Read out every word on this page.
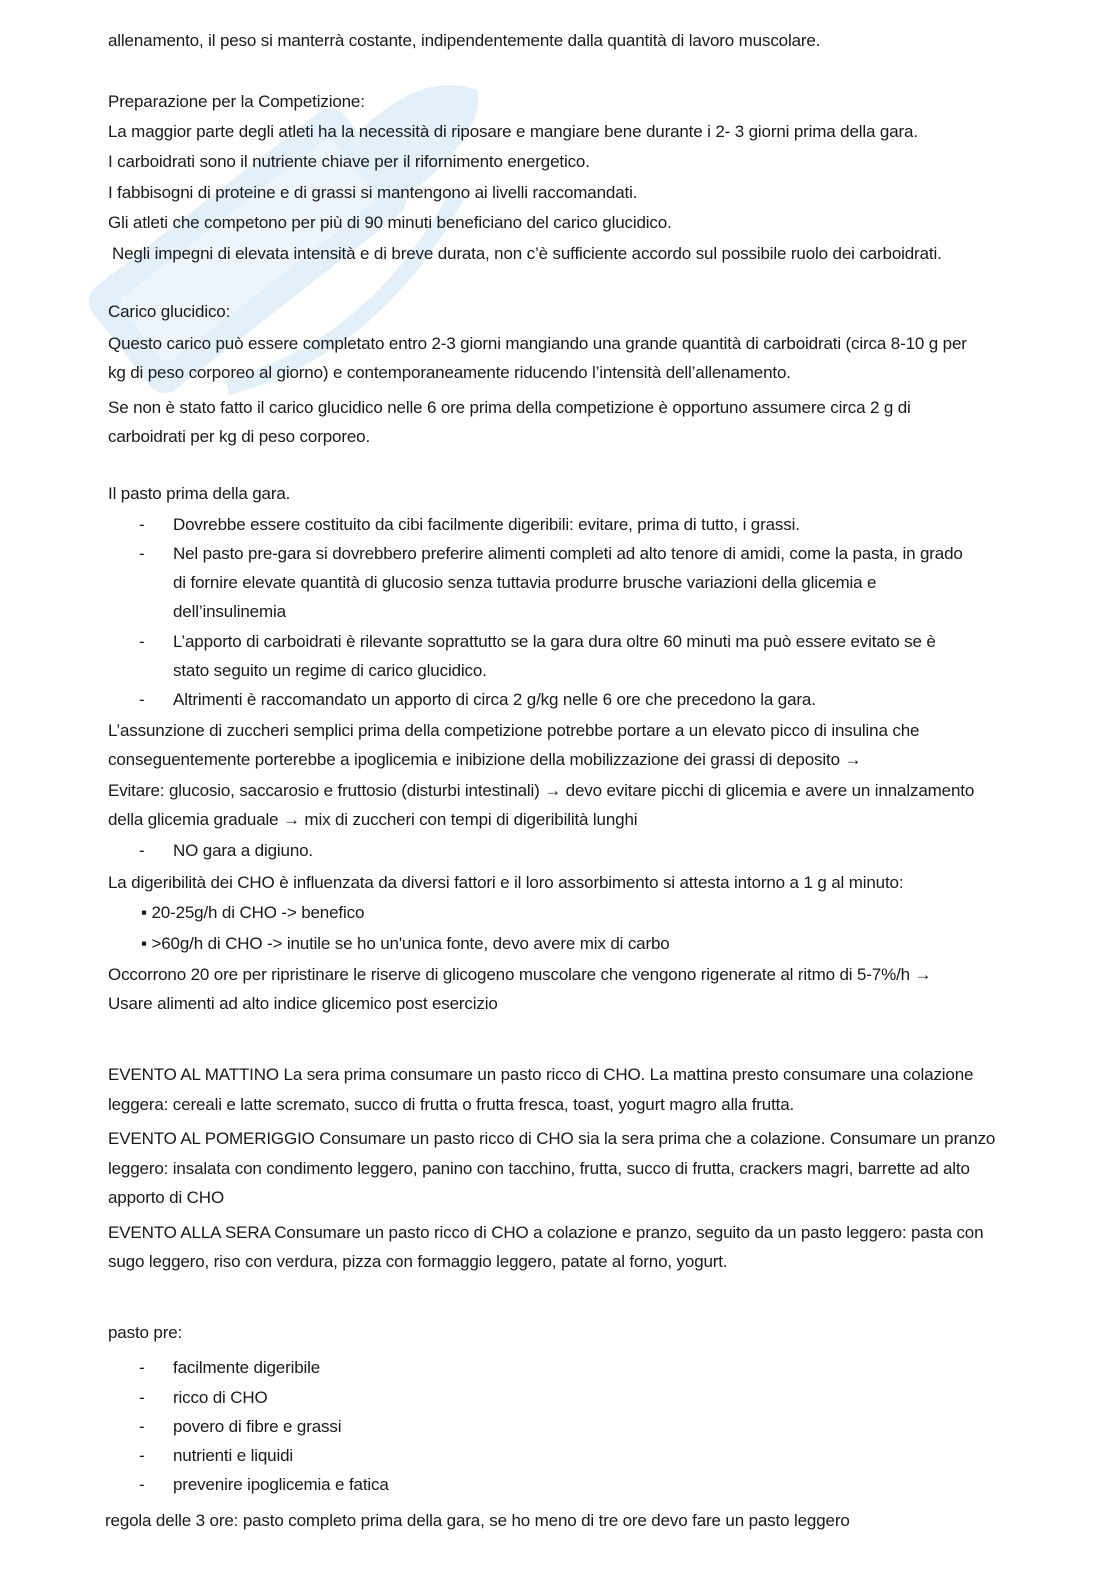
allenamento, il peso si manterrà costante, indipendentemente dalla quantità di lavoro muscolare.
Preparazione per la Competizione:
La maggior parte degli atleti ha la necessità di riposare e mangiare bene durante i 2- 3 giorni prima della gara.
I carboidrati sono il nutriente chiave per il rifornimento energetico.
I fabbisogni di proteine e di grassi si mantengono ai livelli raccomandati.
Gli atleti che competono per più di 90 minuti beneficiano del carico glucidico.
Negli impegni di elevata intensità e di breve durata, non c’è sufficiente accordo sul possibile ruolo dei carboidrati.
Carico glucidico:
Questo carico può essere completato entro 2-3 giorni mangiando una grande quantità di carboidrati (circa 8-10 g per
kg di peso corporeo al giorno) e contemporaneamente riducendo l’intensità dell’allenamento.
Se non è stato fatto il carico glucidico nelle 6 ore prima della competizione è opportuno assumere circa 2 g di
carboidrati per kg di peso corporeo.
Il pasto prima della gara.
- Dovrebbe essere costituito da cibi facilmente digeribili: evitare, prima di tutto, i grassi.
- Nel pasto pre-gara si dovrebbero preferire alimenti completi ad alto tenore di amidi, come la pasta, in grado
di fornire elevate quantità di glucosio senza tuttavia produrre brusche variazioni della glicemia e
dell’insulinemia
- L’apporto di carboidrati è rilevante soprattutto se la gara dura oltre 60 minuti ma può essere evitato se è
stato seguito un regime di carico glucidico.
- Altrimenti è raccomandato un apporto di circa 2 g/kg nelle 6 ore che precedono la gara.
L’assunzione di zuccheri semplici prima della competizione potrebbe portare a un elevato picco di insulina che
conseguentemente porterebbe a ipoglicemia e inibizione della mobilizzazione dei grassi di deposito →
Evitare: glucosio, saccarosio e fruttosio (disturbi intestinali) → devo evitare picchi di glicemia e avere un innalzamento
della glicemia graduale → mix di zuccheri con tempi di digeribilità lunghi
- NO gara a digiuno.
La digeribilità dei CHO è influenzata da diversi fattori e il loro assorbimento si attesta intorno a 1 g al minuto:
▪ 20-25g/h di CHO -> benefico
▪ >60g/h di CHO -> inutile se ho un'unica fonte, devo avere mix di carbo
Occorrono 20 ore per ripristinare le riserve di glicogeno muscolare che vengono rigenerate al ritmo di 5-7%/h →
Usare alimenti ad alto indice glicemico post esercizio
EVENTO AL MATTINO La sera prima consumare un pasto ricco di CHO. La mattina presto consumare una colazione
leggera: cereali e latte scremato, succo di frutta o frutta fresca, toast, yogurt magro alla frutta.
EVENTO AL POMERIGGIO Consumare un pasto ricco di CHO sia la sera prima che a colazione. Consumare un pranzo
leggero: insalata con condimento leggero, panino con tacchino, frutta, succo di frutta, crackers magri, barrette ad alto
apporto di CHO
EVENTO ALLA SERA Consumare un pasto ricco di CHO a colazione e pranzo, seguito da un pasto leggero: pasta con
sugo leggero, riso con verdura, pizza con formaggio leggero, patate al forno, yogurt.
pasto pre:
- facilmente digeribile
- ricco di CHO
- povero di fibre e grassi
- nutrienti e liquidi
- prevenire ipoglicemia e fatica
regola delle 3 ore: pasto completo prima della gara, se ho meno di tre ore devo fare un pasto leggero
